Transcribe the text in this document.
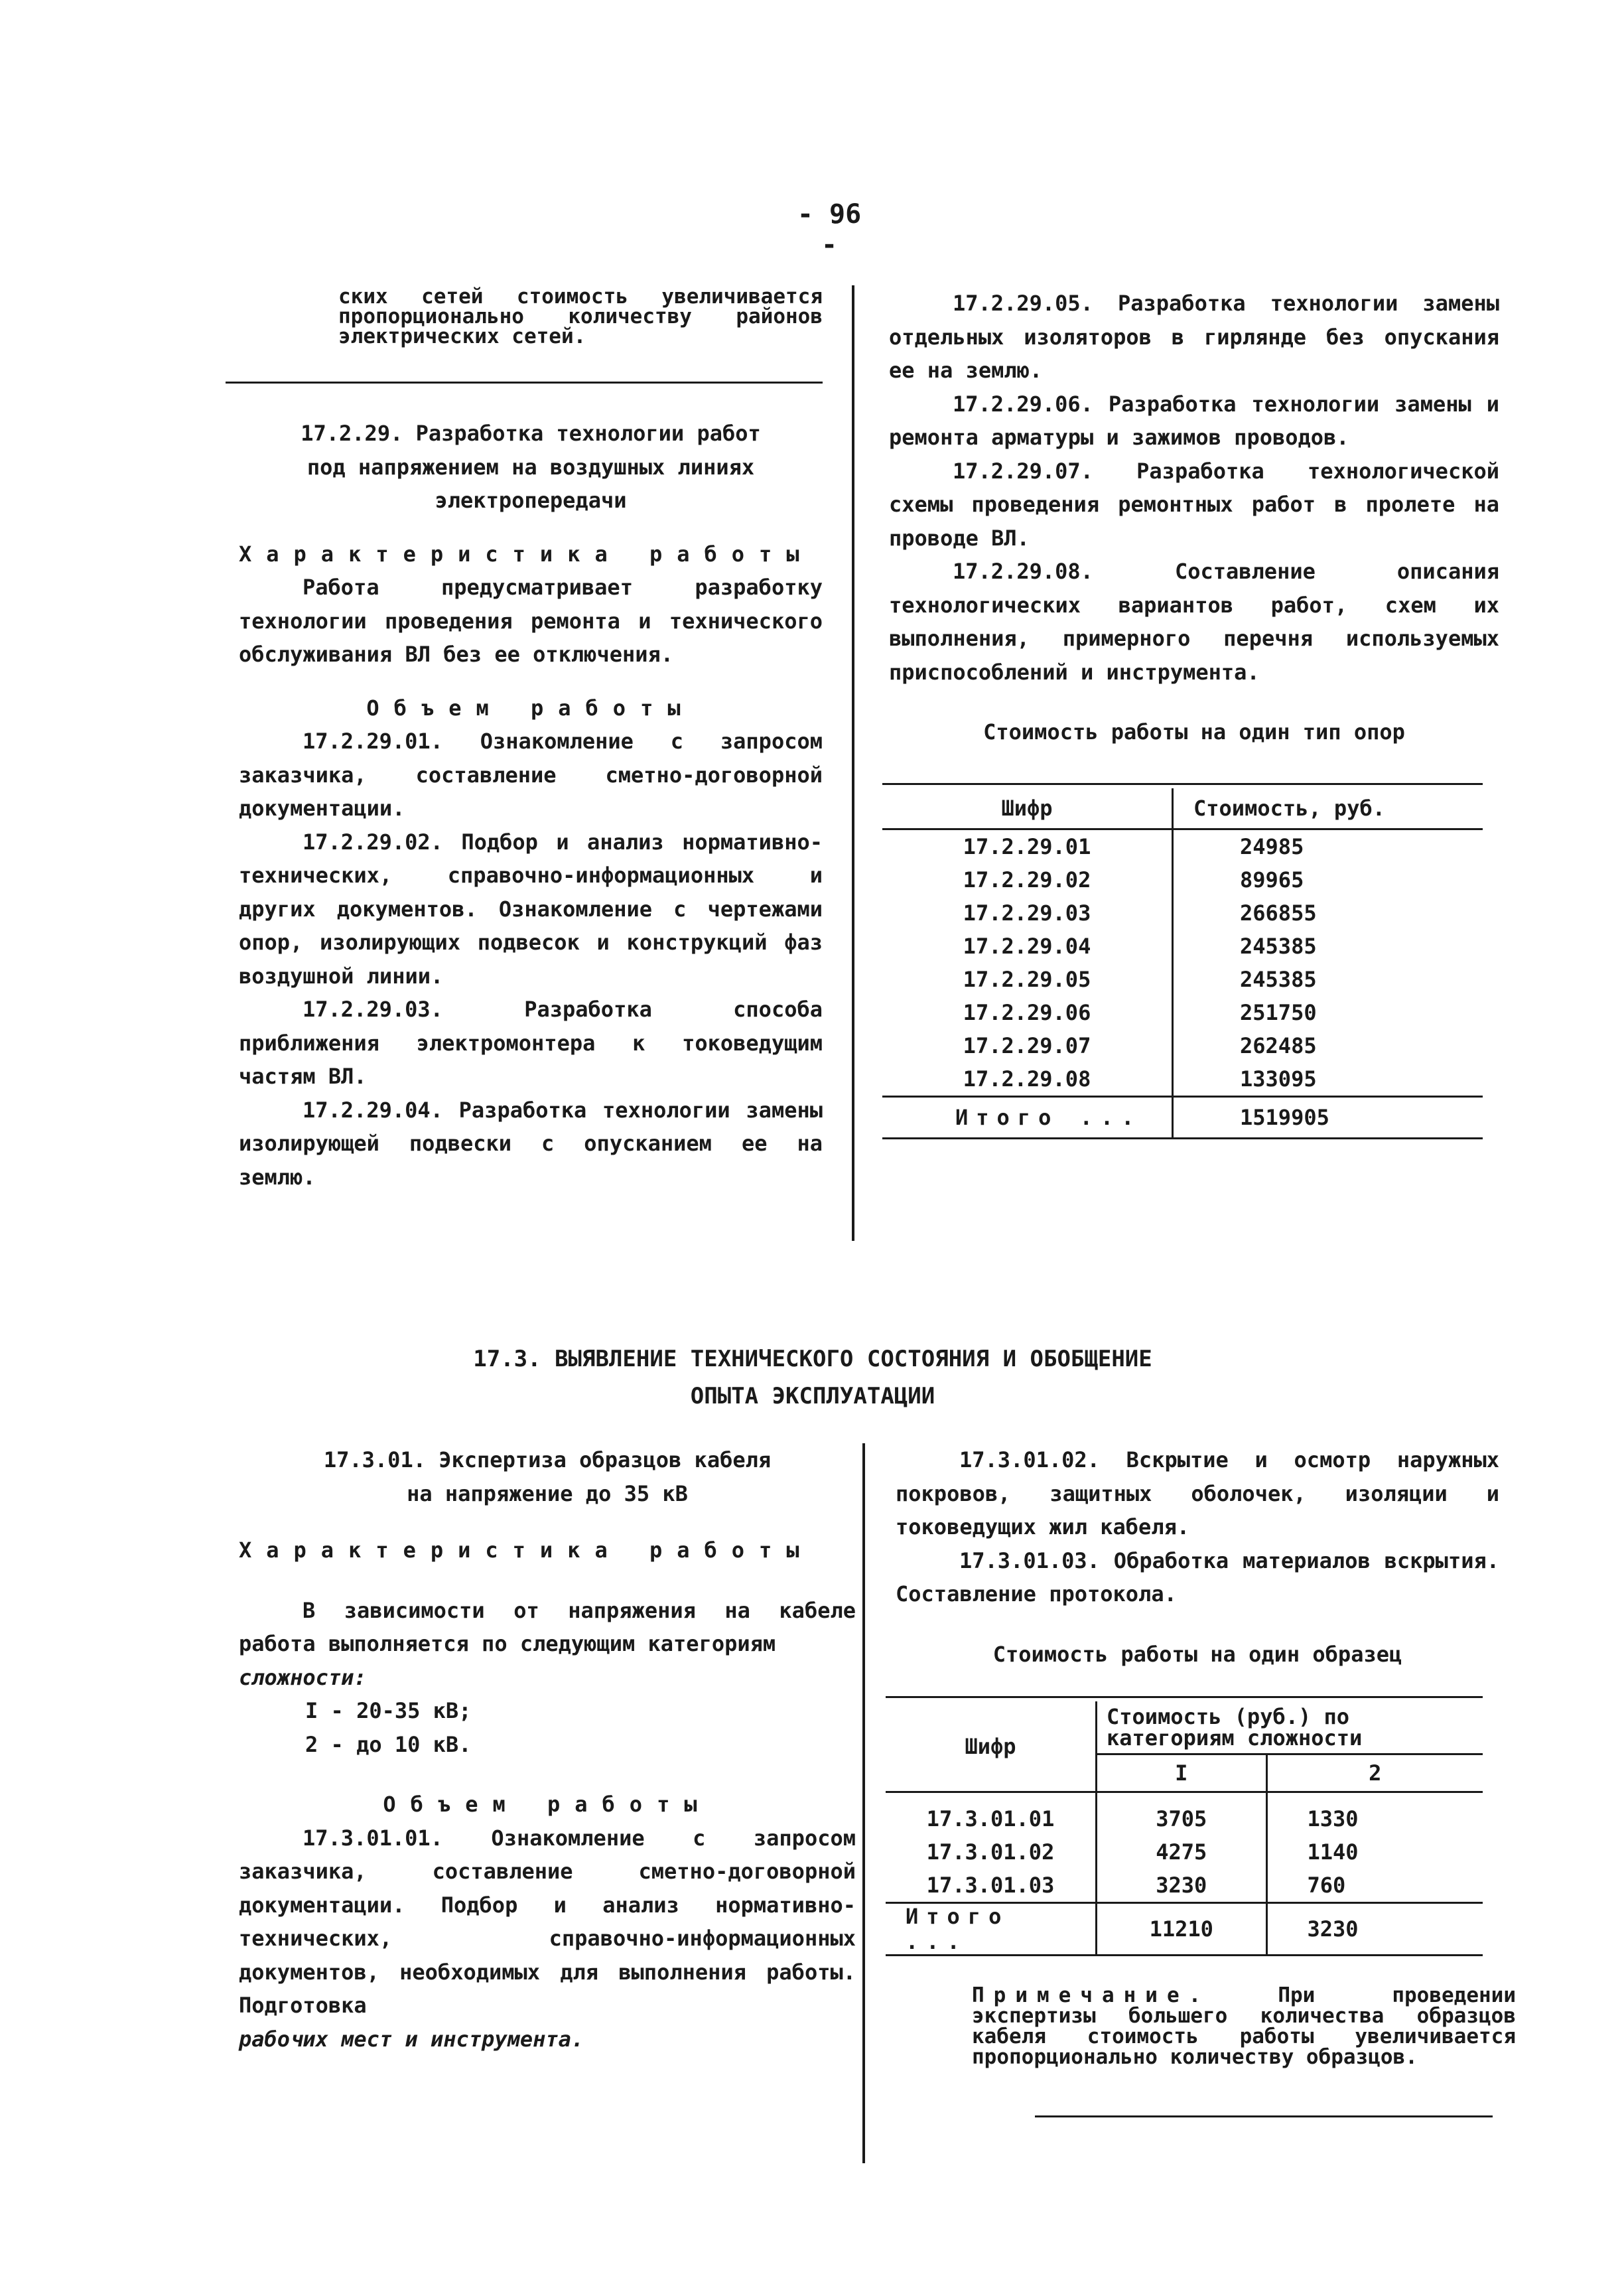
- 96 -

ских сетей стоимость увеличивается пропорционально количеству районов электрических сетей.

17.2.29. Разработка технологии работ

под напряжением на воздушных линиях

электропередачи

Характеристика работы

Работа предусматривает разработку технологии проведения ремонта и технического обслуживания ВЛ без ее отключения.

Объем работы

17.2.29.01. Ознакомление с запросом заказчика, составление сметно-договорной документации.

17.2.29.02. Подбор и анализ нормативно-технических, справочно-информационных и других документов. Ознакомление с чертежами опор, изолирующих подвесок и конструкций фаз воздушной линии.

17.2.29.03. Разработка способа приближения электромонтера к токоведущим частям ВЛ.

17.2.29.04. Разработка технологии замены изолирующей подвески с опусканием ее на землю.

17.2.29.05. Разработка технологии замены отдельных изоляторов в гирлянде без опускания ее на землю.

17.2.29.06. Разработка технологии замены и ремонта арматуры и зажимов проводов.

17.2.29.07. Разработка технологической схемы проведения ремонтных работ в пролете на проводе ВЛ.

17.2.29.08. Составление описания технологических вариантов работ, схем их выполнения, примерного перечня используемых приспособлений и инструмента.

Стоимость работы на один тип опор

Шифр	Стоимость, руб.
17.2.29.01	24985
17.2.29.02	89965
17.2.29.03	266855
17.2.29.04	245385
17.2.29.05	245385
17.2.29.06	251750
17.2.29.07	262485
17.2.29.08	133095
Итого ...	1519905
17.3. ВЫЯВЛЕНИЕ ТЕХНИЧЕСКОГО СОСТОЯНИЯ И ОБОБЩЕНИЕ
ОПЫТА ЭКСПЛУАТАЦИИ

17.3.01. Экспертиза образцов кабеля

на напряжение до 35 кВ

Характеристика работы

В зависимости от напряжения на кабеле работа выполняется по следующим категориям

сложности:

I - 20-35 кВ;

2 - до 10 кВ.

Объем работы

17.3.01.01. Ознакомление с запросом заказчика, составление сметно-договорной документации. Подбор и анализ нормативно-технических, справочно-информационных документов, необходимых для выполнения работы. Подготовка

рабочих мест и инструмента.

17.3.01.02. Вскрытие и осмотр наружных покровов, защитных оболочек, изоляции и токоведущих жил кабеля.

17.3.01.03. Обработка материалов вскрытия. Составление протокола.

Стоимость работы на один образец

Шифр	Стоимость (руб.) по категориям сложности	
	I	2
17.3.01.01	3705	1330
17.3.01.02	4275	1140
17.3.01.03	3230	760
Итого ...	11210	3230
Примечание. При проведении экспертизы большего количества образцов кабеля стоимость работы увеличивается пропорционально количеству образцов.
